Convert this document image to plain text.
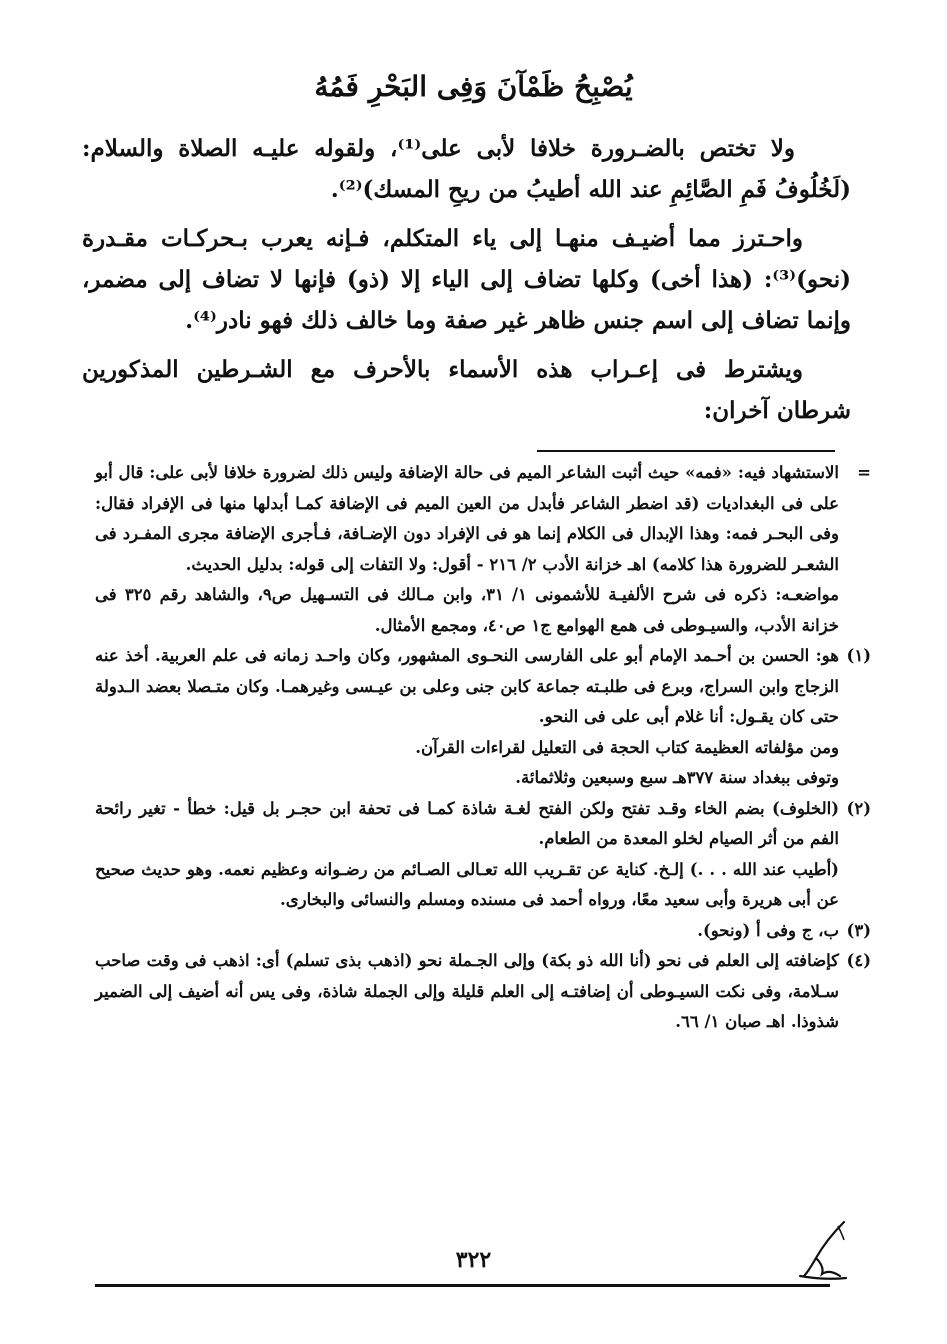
يُصْبِحُ ظَمْآنَ وَفِى البَحْرِ فَمُهُ

ولا تختص بالضـرورة خلافا لأبى على⁽¹⁾، ولقوله عليـه الصلاة والسلام: (لَخُلُوفُ فَمِ الصَّائِمِ عند الله أطيبُ من ريحِ المسك)⁽²⁾.

واحـترز مما أضيـف منهـا إلى ياء المتكلم، فـإنه يعرب بـحركـات مقـدرة (نحو)⁽³⁾: (هذا أخى) وكلها تضاف إلى الياء إلا (ذو) فإنها لا تضاف إلى مضمر، وإنما تضاف إلى اسم جنس ظاهر غير صفة وما خالف ذلك فهو نادر⁽⁴⁾.

ويشترط فى إعـراب هذه الأسماء بالأحرف مع الشـرطين المذكورين شرطان آخران:

=

الاستشهاد فيه: «فمه» حيث أثبت الشاعر الميم فى حالة الإضافة وليس ذلك لضرورة خلافا لأبى على: قال أبو على فى البغداديات (قد اضطر الشاعر فأبدل من العين الميم فى الإضافة كمـا أبدلها منها فى الإفراد فقال: وفى البحـر فمه: وهذا الإبدال فى الكلام إنما هو فى الإفراد دون الإضـافة، فـأجرى الإضافة مجرى المفـرد فى الشعـر للضرورة هذا كلامه) اهـ خزانة الأدب ٢/ ٢١٦ - أقول: ولا التفات إلى قوله: بدليل الحديث.

مواضعـه: ذكره فى شرح الألفيـة للأشمونى ١/ ٣١، وابن مـالك فى التسـهيل ص٩، والشاهد رقم ٣٢٥ فى خزانة الأدب، والسيـوطى فى همع الهوامع ج١ ص٤٠، ومجمع الأمثال.

(١)

هو: الحسن بن أحـمد الإمام أبو على الفارسى النحـوى المشهور، وكان واحـد زمانه فى علم العربية. أخذ عنه الزجاج وابن السراج، وبرع فى طلبـته جماعة كابن جنى وعلى بن عيـسى وغيرهمـا. وكان متـصلا بعضد الـدولة حتى كان يقـول: أنا غلام أبى على فى النحو.

ومن مؤلفاته العظيمة كتاب الحجة فى التعليل لقراءات القرآن.

وتوفى ببغداد سنة ٣٧٧هـ سبع وسبعين وثلاثمائة.

(٢)

(الخلوف) بضم الخاء وقـد تفتح ولكن الفتح لغـة شاذة كمـا فى تحفة ابن حجـر بل قيل: خطأ - تغير رائحة الفم من أثر الصيام لخلو المعدة من الطعام.

(أطيب عند الله . . .) إلـخ. كناية عن تقـريب الله تعـالى الصـائم من رضـوانه وعظيم نعمه. وهو حديث صحيح عن أبى هريرة وأبى سعيد معًا، ورواه أحمد فى مسنده ومسلم والنسائى والبخارى.

(٣)

ب، ج وفى أ (ونحو).

(٤)

كإضافته إلى العلم فى نحو (أنا الله ذو بكة) وإلى الجـملة نحو (اذهب بذى تسلم) أى: اذهب فى وقت صاحب سـلامة، وفى نكت السيـوطى أن إضافتـه إلى العلم قليلة وإلى الجملة شاذة، وفى يس أنه أضيف إلى الضمير شذوذا. اهـ صبان ١/ ٦٦.

٣٢٢
